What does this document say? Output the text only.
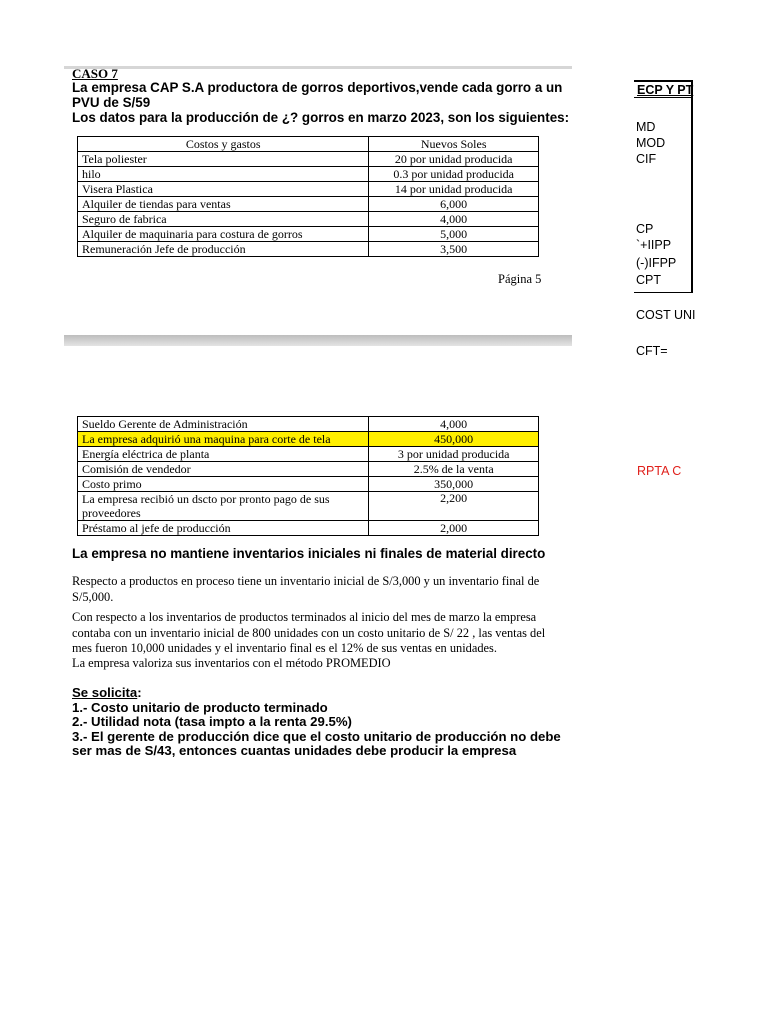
CASO 7
La empresa CAP S.A productora de gorros deportivos,vende cada gorro a un
PVU de S/59
Los datos para la producción de ¿? gorros en marzo 2023, son los siguientes:
Costos y gastos	Nuevos Soles
Tela poliester	20 por unidad producida
hilo	0.3 por unidad producida
Visera Plastica	14 por unidad producida
Alquiler de tiendas para ventas	6,000
Seguro de fabrica	4,000
Alquiler de maquinaria para costura de gorros	5,000
Remuneración Jefe de producción	3,500
Página 5
Sueldo Gerente de Administración	4,000
La empresa adquirió una maquina para corte de tela	450,000
Energía eléctrica de planta	3 por unidad producida
Comisión de vendedor	2.5% de la venta
Costo primo	350,000
La empresa recibió un dscto por pronto pago de sus proveedores	2,200
Préstamo al jefe de producción	2,000
La empresa no mantiene inventarios iniciales ni finales de material directo
Respecto a productos en proceso tiene un inventario inicial de S/3,000 y un inventario final de S/5,000.
Con respecto a los inventarios de productos terminados al inicio del mes de marzo la empresa contaba con un inventario inicial de 800 unidades con un costo unitario de S/ 22 , las ventas del mes fueron 10,000 unidades y el inventario final es el 12% de sus ventas en unidades.
La empresa valoriza sus inventarios con el método PROMEDIO
Se solicita:
1.- Costo unitario de producto terminado
2.- Utilidad nota (tasa impto a la renta 29.5%)
3.- El gerente de producción dice que el costo unitario de producción no debe ser mas de S/43, entonces cuantas unidades debe producir la empresa
ECP Y PT
MD
MOD
CIF
CP
`+IIPP
(-)IFPP
CPT
COST UNI
CFT=
RPTA C
